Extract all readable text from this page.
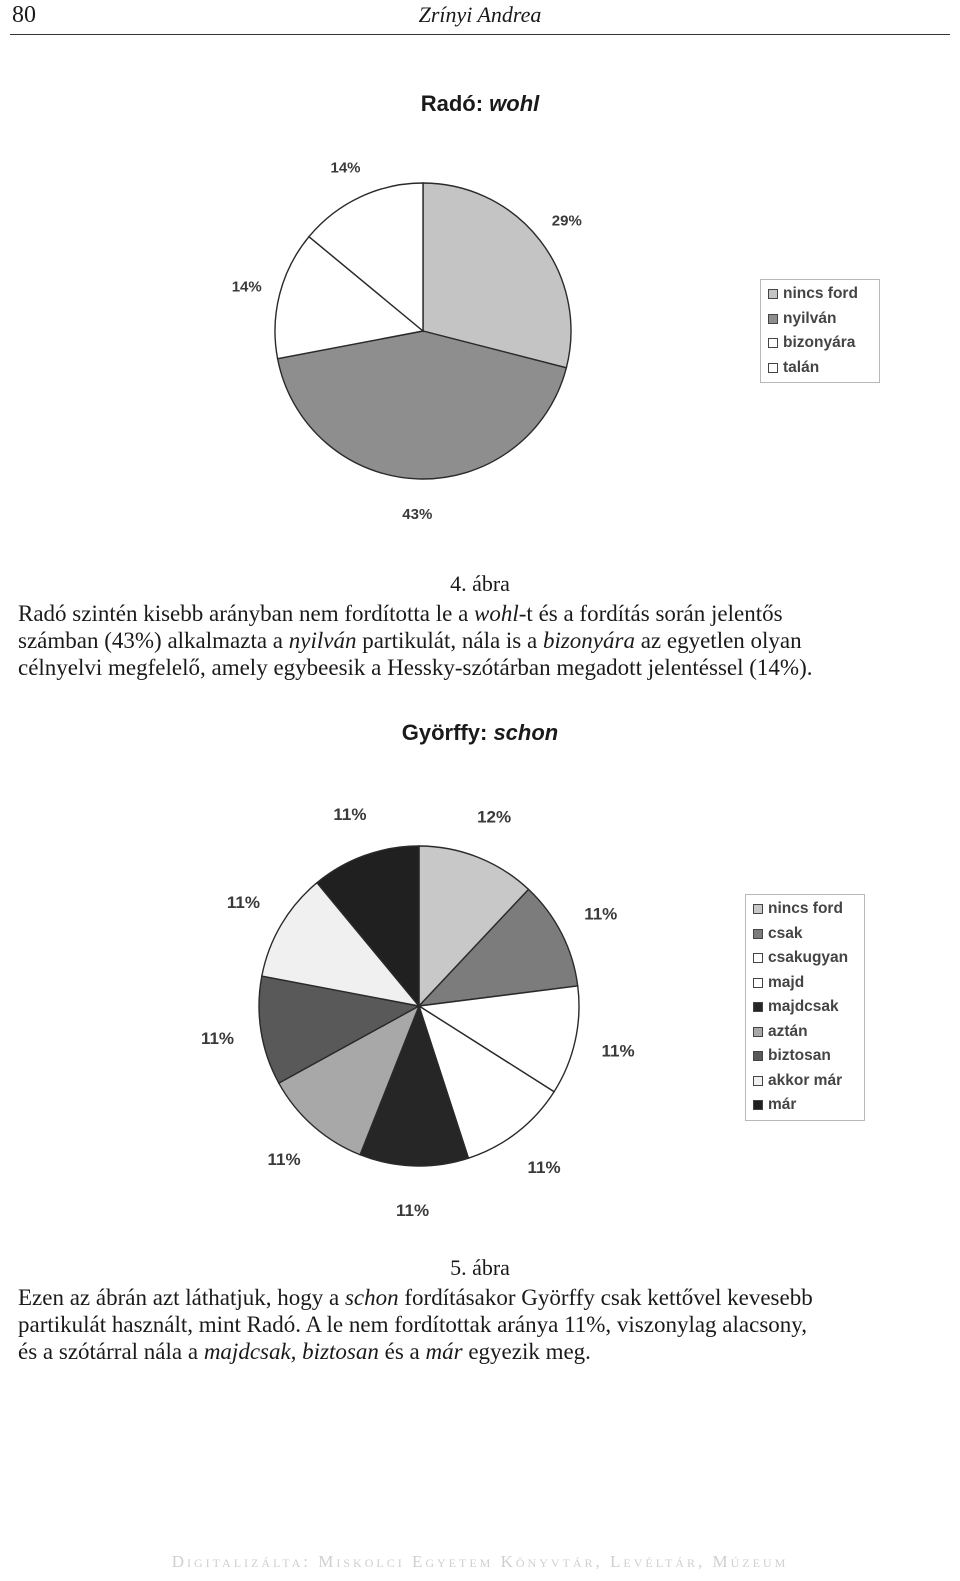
80	Zrínyi Andrea
Radó: wohl
29%
43%
14%
14%
nincs ford
nyilván
bizonyára
talán
4. ábra
Radó szintén kisebb arányban nem fordította le a wohl-t és a fordítás során jelentős
számban (43%) alkalmazta a nyilván partikulát, nála is a bizonyára az egyetlen olyan
célnyelvi megfelelő, amely egybeesik a Hessky-szótárban megadott jelentéssel (14%).
Györffy: schon
12%
11%
11%
11%
11%
11%
11%
11%
11%
nincs ford
csak
csakugyan
majd
majdcsak
aztán
biztosan
akkor már
már
5. ábra
Ezen az ábrán azt láthatjuk, hogy a schon fordításakor Györffy csak kettővel kevesebb
partikulát használt, mint Radó. A le nem fordítottak aránya 11%, viszonylag alacsony,
és a szótárral nála a majdcsak, biztosan és a már egyezik meg.
Digitalizálta: Miskolci Egyetem Könyvtár, Levéltár, Múzeum
